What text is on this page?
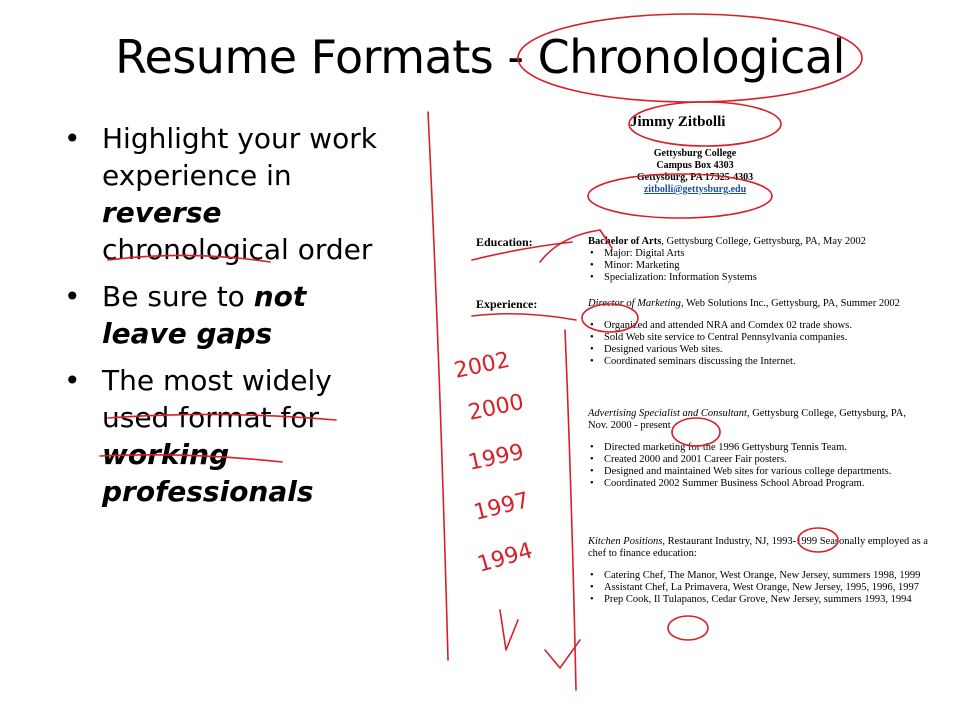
Resume Formats - Chronological
• Highlight your work experience in reverse chronological order
• Be sure to not leave gaps
• The most widely used format for working professionals
Jimmy Zitbolli
Gettysburg College
Campus Box 4303
Gettysburg, PA 17325-4303
zitbolli@gettysburg.edu
Education:	Bachelor of Arts, Gettysburg College, Gettysburg, PA, May 2002
• Major: Digital Arts
• Minor: Marketing
• Specialization: Information Systems
Experience:	Director of Marketing, Web Solutions Inc., Gettysburg, PA, Summer 2002
• Organized and attended NRA and Comdex 02 trade shows.
• Sold Web site service to Central Pennsylvania companies.
• Designed various Web sites.
• Coordinated seminars discussing the Internet.
Advertising Specialist and Consultant, Gettysburg College, Gettysburg, PA, Nov. 2000 - present
• Directed marketing for the 1996 Gettysburg Tennis Team.
• Created 2000 and 2001 Career Fair posters.
• Designed and maintained Web sites for various college departments.
• Coordinated 2002 Summer Business School Abroad Program.
Kitchen Positions, Restaurant Industry, NJ, 1993-1999 Seasonally employed as a chef to finance education:
• Catering Chef, The Manor, West Orange, New Jersey, summers 1998, 1999
• Assistant Chef, La Primavera, West Orange, New Jersey, 1995, 1996, 1997
• Prep Cook, Il Tulapanos, Cedar Grove, New Jersey, summers 1993, 1994
2002
2000
1999
1997
1994
